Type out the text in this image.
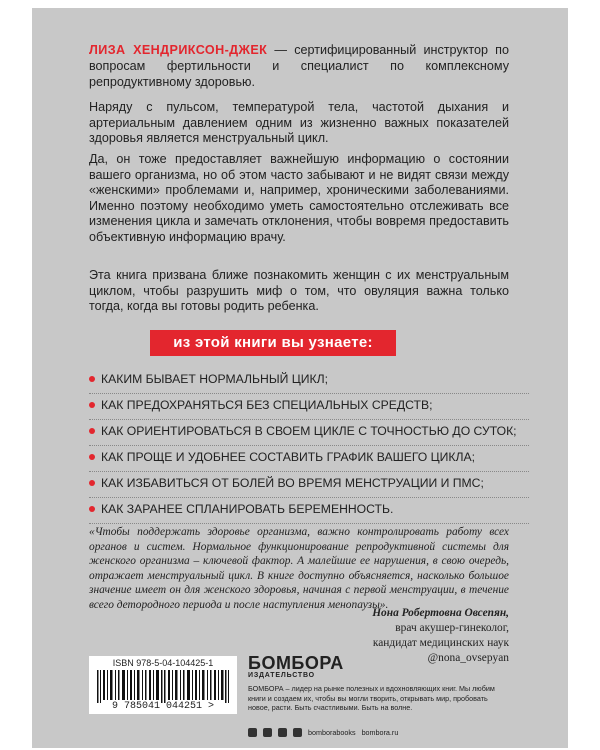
ЛИЗА ХЕНДРИКСОН-ДЖЕК — сертифицированный инструктор по вопросам фертильности и специалист по комплексному репродуктивному здоровью.
Наряду с пульсом, температурой тела, частотой дыхания и артериальным давлением одним из жизненно важных показателей здоровья является менструальный цикл.
Да, он тоже предоставляет важнейшую информацию о состоянии вашего организма, но об этом часто забывают и не видят связи между «женскими» проблемами и, например, хроническими заболеваниями. Именно поэтому необходимо уметь самостоятельно отслеживать все изменения цикла и замечать отклонения, чтобы вовремя предоставить объективную информацию врачу.
Эта книга призвана ближе познакомить женщин с их менструальным циклом, чтобы разрушить миф о том, что овуляция важна только тогда, когда вы готовы родить ребенка.
из этой книги вы узнаете:
КАКИМ БЫВАЕТ НОРМАЛЬНЫЙ ЦИКЛ;
КАК ПРЕДОХРАНЯТЬСЯ БЕЗ СПЕЦИАЛЬНЫХ СРЕДСТВ;
КАК ОРИЕНТИРОВАТЬСЯ В СВОЕМ ЦИКЛЕ С ТОЧНОСТЬЮ ДО СУТОК;
КАК ПРОЩЕ И УДОБНЕЕ СОСТАВИТЬ ГРАФИК ВАШЕГО ЦИКЛА;
КАК ИЗБАВИТЬСЯ ОТ БОЛЕЙ ВО ВРЕМЯ МЕНСТРУАЦИИ И ПМС;
КАК ЗАРАНЕЕ СПЛАНИРОВАТЬ БЕРЕМЕННОСТЬ.
«Чтобы поддержать здоровье организма, важно контролировать работу всех органов и систем. Нормальное функционирование репродуктивной системы для женского организма – ключевой фактор. А малейшие ее нарушения, в свою очередь, отражает менструальный цикл. В книге доступно объясняется, насколько большое значение имеет он для женского здоровья, начиная с первой менструации, в течение всего детородного периода и после наступления менопаузы».
Нона Робертовна Овсепян,
врач акушер-гинеколог,
кандидат медицинских наук
@nona_ovsepyan
ISBN 978-5-04-104425-1
9 785041 044251 >
БОМБОРА
ИЗДАТЕЛЬСТВО
БОМБОРА – лидер на рынке полезных и вдохновляющих книг. Мы любим книги и создаем их, чтобы вы могли творить, открывать мир, пробовать новое, расти. Быть счастливыми. Быть на волне.
bomborabooks bombora.ru
